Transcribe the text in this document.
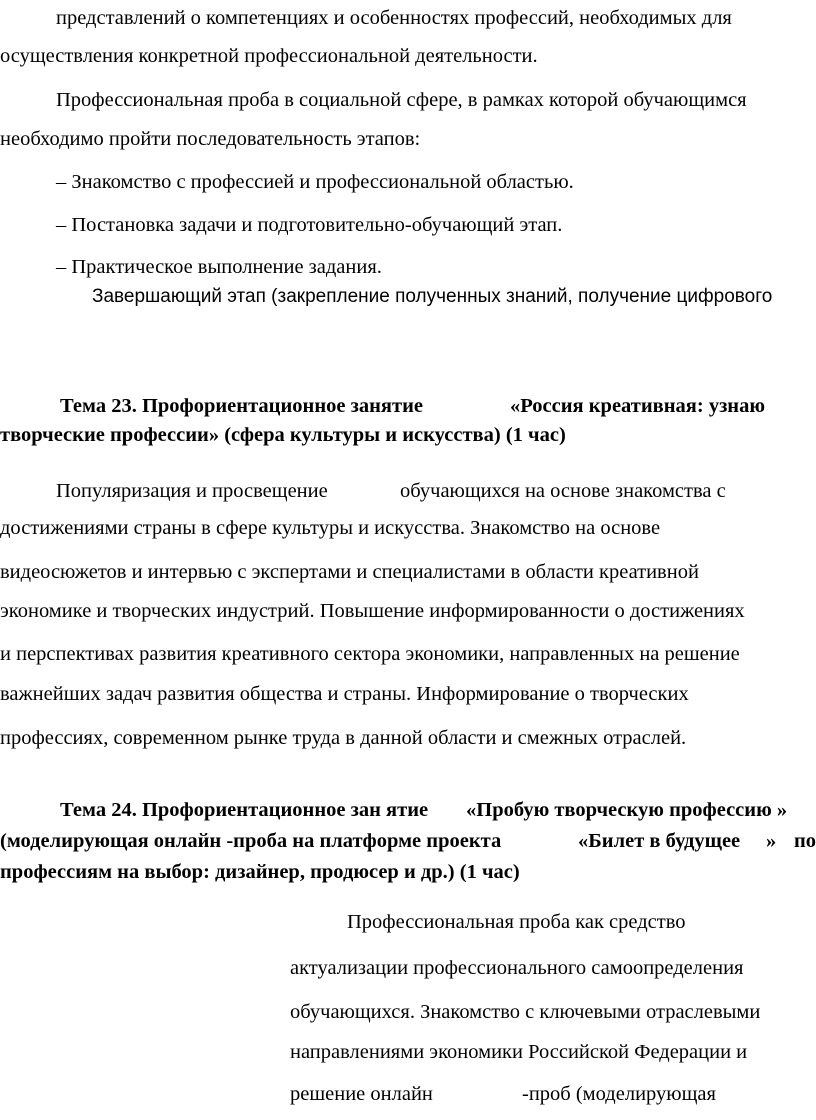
представлений о компетенциях и особенностях профессий, необходимых для
осуществления конкретной профессиональной деятельности.
Профессиональная проба в социальной сфере, в рамках которой обучающимся
необходимо пройти последовательность этапов:
– Знакомство с профессией и профессиональной областью.
– Постановка задачи и подготовительно-обучающий этап.
– Практическое выполнение задания.
Завершающий этап (закрепление полученных знаний, получение цифрового
Тема 23. Профориентационное занятие	«Россия креативная: узнаю
творческие профессии» (сфера культуры и искусства) (1 час)
Популяризация и просвещение	обучающихся на основе знакомства с
достижениями страны в сфере культуры и искусства. Знакомство на основе
видеосюжетов и интервью с экспертами и специалистами в области креативной
экономике и творческих индустрий. Повышение информированности о достижениях
и перспективах развития креативного сектора экономики, направленных на решение
важнейших задач развития общества и страны. Информирование о творческих
профессиях, современном рынке труда в данной области и смежных отраслей.
Тема 24. Профориентационное зан ятие «Пробую творческую профессию »
(моделирующая онлайн -проба на платформе проекта	«Билет в будущее » по
профессиям на выбор: дизайнер, продюсер и др.) (1 час)
Профессиональная проба как средство
актуализации профессионального самоопределения
обучающихся. Знакомство с ключевыми отраслевыми
направлениями экономики Российской Федерации и
решение онлайн	-проб (моделирующая
